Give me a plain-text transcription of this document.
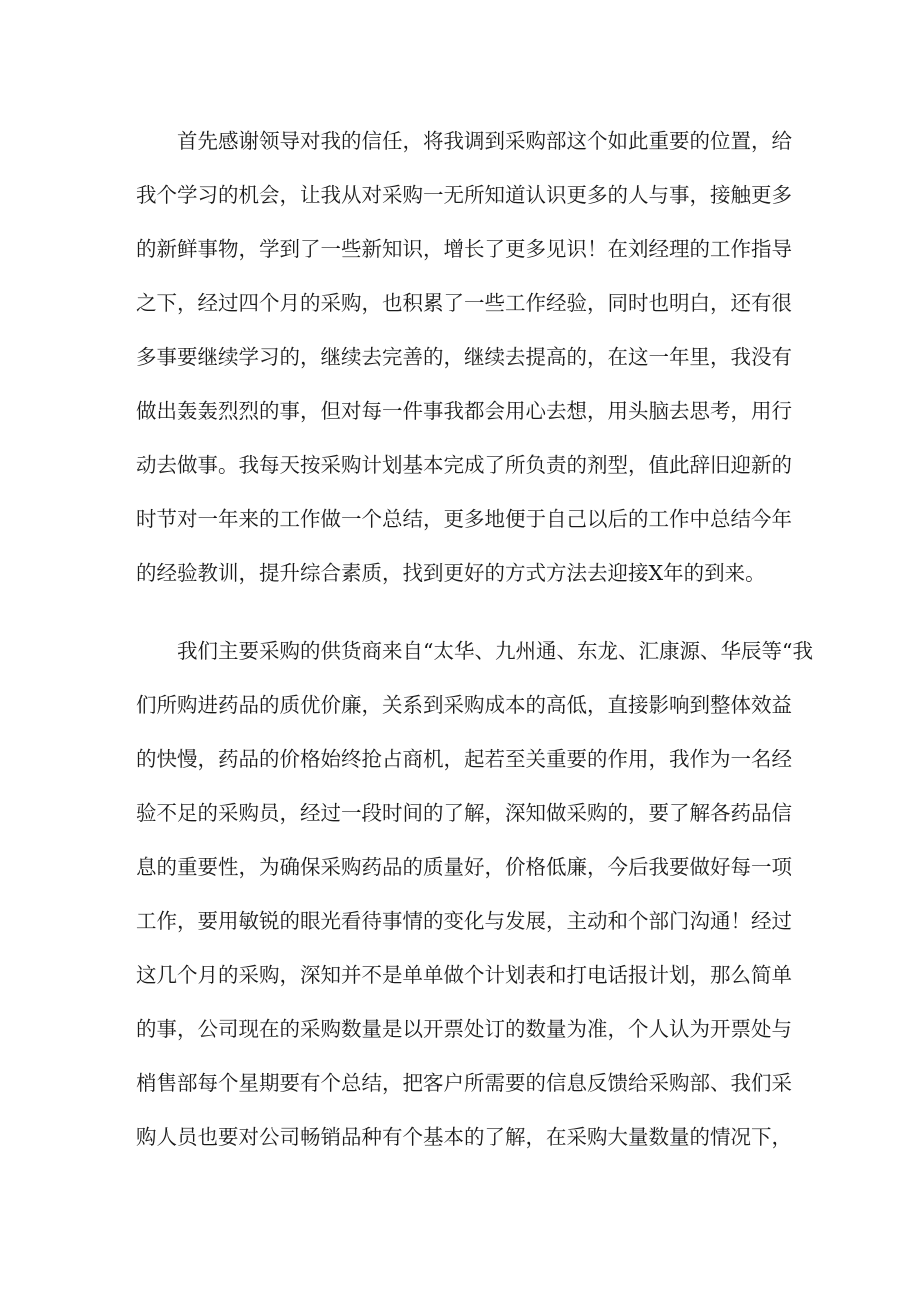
首先感谢领导对我的信任，将我调到采购部这个如此重要的位置，给
我个学习的机会，让我从对采购一无所知道认识更多的人与事，接触更多
的新鲜事物，学到了一些新知识，增长了更多见识！在刘经理的工作指导
之下，经过四个月的采购，也积累了一些工作经验，同时也明白，还有很
多事要继续学习的，继续去完善的，继续去提高的，在这一年里，我没有
做出轰轰烈烈的事，但对每一件事我都会用心去想，用头脑去思考，用行
动去做事。我每天按采购计划基本完成了所负责的剂型，值此辞旧迎新的
时节对一年来的工作做一个总结，更多地便于自己以后的工作中总结今年
的经验教训，提升综合素质，找到更好的方式方法去迎接X年的到来。

我们主要采购的供货商来自“太华、九州通、东龙、汇康源、华辰等“我
们所购进药品的质优价廉，关系到采购成本的高低，直接影响到整体效益
的快慢，药品的价格始终抢占商机，起若至关重要的作用，我作为一名经
验不足的采购员，经过一段时间的了解，深知做采购的，要了解各药品信
息的重要性，为确保采购药品的质量好，价格低廉，今后我要做好每一项
工作，要用敏锐的眼光看待事情的变化与发展，主动和个部门沟通！经过
这几个月的采购，深知并不是单单做个计划表和打电话报计划，那么简单
的事，公司现在的采购数量是以开票处订的数量为准，个人认为开票处与
梢售部每个星期要有个总结，把客户所需要的信息反馈给采购部、我们采
购人员也要对公司畅销品种有个基本的了解，在采购大量数量的情况下，
